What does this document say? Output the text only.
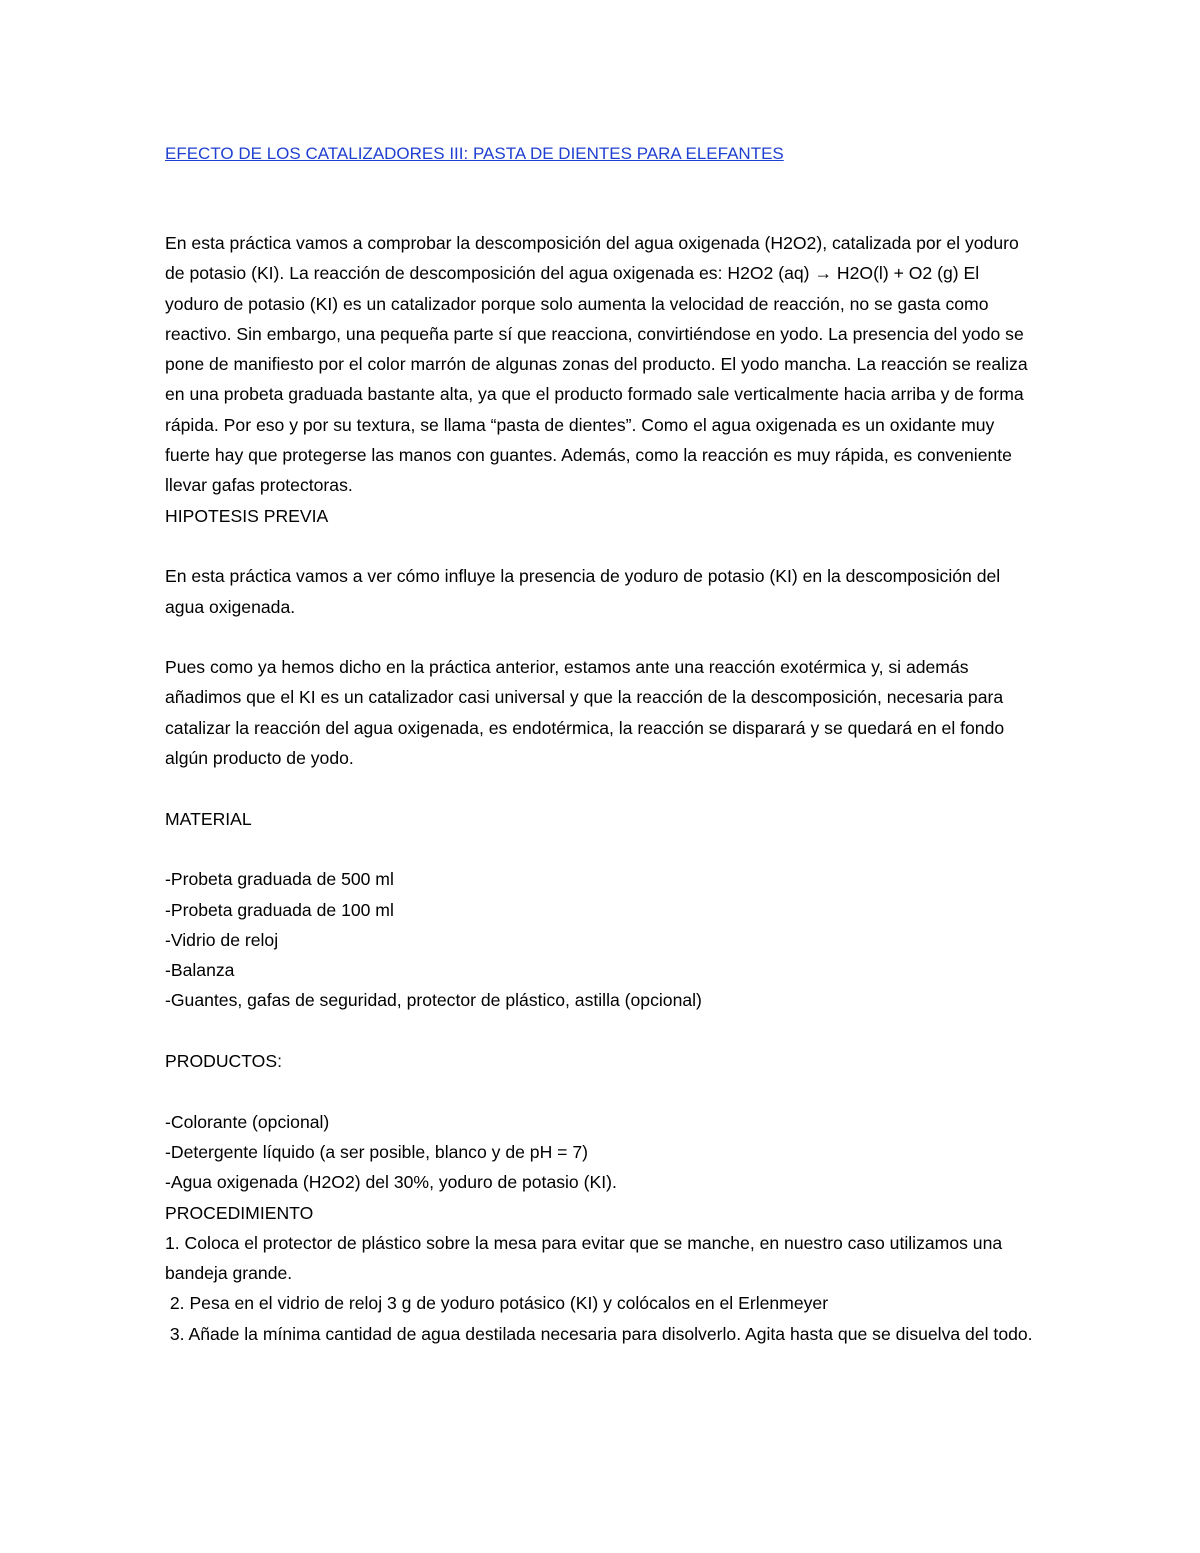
EFECTO DE LOS CATALIZADORES III: PASTA DE DIENTES PARA ELEFANTES

En esta práctica vamos a comprobar la descomposición del agua oxigenada (H2O2), catalizada por el yoduro de potasio (KI). La reacción de descomposición del agua oxigenada es: H2O2 (aq) → H2O(l) + O2 (g) El yoduro de potasio (KI) es un catalizador porque solo aumenta la velocidad de reacción, no se gasta como reactivo. Sin embargo, una pequeña parte sí que reacciona, convirtiéndose en yodo. La presencia del yodo se pone de manifiesto por el color marrón de algunas zonas del producto. El yodo mancha. La reacción se realiza en una probeta graduada bastante alta, ya que el producto formado sale verticalmente hacia arriba y de forma rápida. Por eso y por su textura, se llama “pasta de dientes”. Como el agua oxigenada es un oxidante muy fuerte hay que protegerse las manos con guantes. Además, como la reacción es muy rápida, es conveniente llevar gafas protectoras.

HIPOTESIS PREVIA

En esta práctica vamos a ver cómo influye la presencia de yoduro de potasio (KI) en la descomposición del agua oxigenada.

Pues como ya hemos dicho en la práctica anterior, estamos ante una reacción exotérmica y, si además añadimos que el KI es un catalizador casi universal y que la reacción de la descomposición, necesaria para catalizar la reacción del agua oxigenada, es endotérmica, la reacción se disparará y se quedará en el fondo algún producto de yodo.

MATERIAL
-Probeta graduada de 500 ml
-Probeta graduada de 100 ml
-Vidrio de reloj
-Balanza
-Guantes, gafas de seguridad, protector de plástico, astilla (opcional)
PRODUCTOS:
-Colorante (opcional)
-Detergente líquido (a ser posible, blanco y de pH = 7)
-Agua oxigenada (H2O2) del 30%, yoduro de potasio (KI).
PROCEDIMIENTO

1. Coloca el protector de plástico sobre la mesa para evitar que se manche, en nuestro caso utilizamos una bandeja grande.

2. Pesa en el vidrio de reloj 3 g de yoduro potásico (KI) y colócalos en el Erlenmeyer

3. Añade la mínima cantidad de agua destilada necesaria para disolverlo. Agita hasta que se disuelva del todo.
